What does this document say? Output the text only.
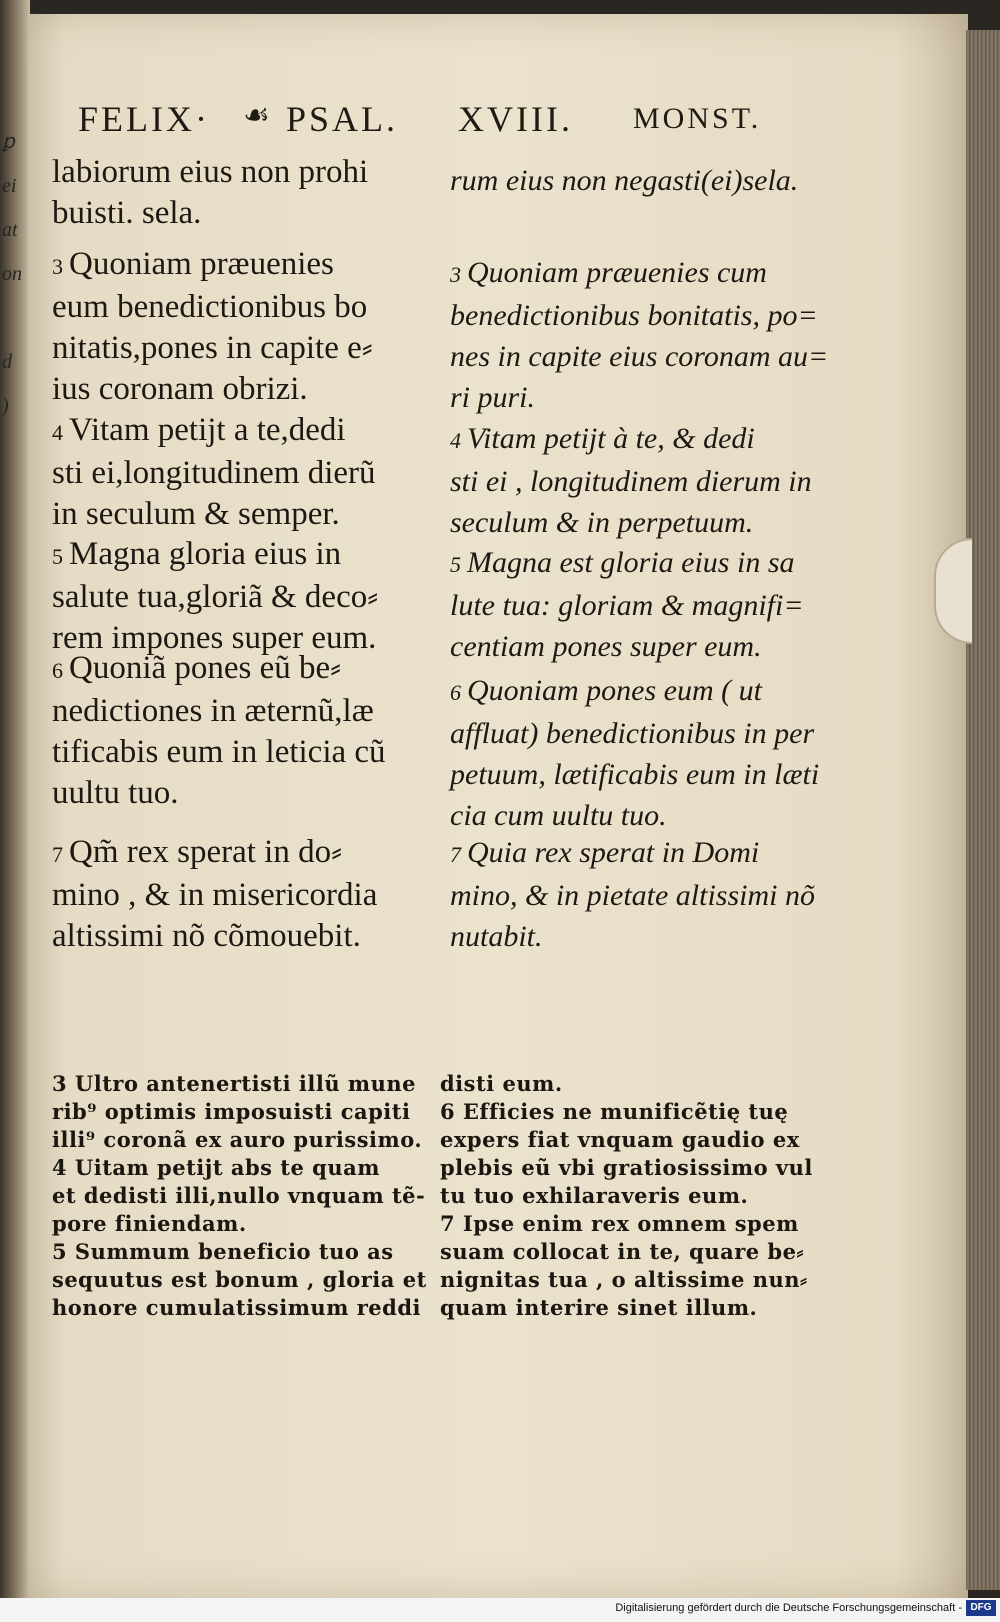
ꝑ
ei
at
on

d
)
FELIX· ☙ PSAL. XVIII. MONST.
labiorum eius non prohi
buisti. sela.
3 Quoniam præuenies
eum benedictionibus bo
nitatis,pones in capite e⸗
ius coronam obrizi.
4 Vitam petijt a te,dedi
sti ei,longitudinem dierũ
in seculum & semper.
5 Magna gloria eius in
salute tua,gloriã & deco⸗
rem impones super eum.
6 Quoniã pones eũ be⸗
nedictiones in æternũ,læ
tificabis eum in leticia cũ
uultu tuo.
7 Qm̃ rex sperat in do⸗
mino , & in misericordia
altissimi nõ cõmouebit.
rum eius non negasti(ei)sela.
3 Quoniam præuenies cum
benedictionibus bonitatis, po=
nes in capite eius coronam au=
ri puri.
4 Vitam petijt à te, & dedi
sti ei , longitudinem dierum in
seculum & in perpetuum.
5 Magna est gloria eius in sa
lute tua: gloriam & magnifi=
centiam pones super eum.
6 Quoniam pones eum ( ut
affluat) benedictionibus in per
petuum, lætificabis eum in læti
cia cum uultu tuo.
7 Quia rex sperat in Domi
mino, & in pietate altissimi nõ
nutabit.
3 Ultro antenertisti illũ mune
rib⁹ optimis imposuisti capiti
illi⁹ coronã ex auro purissimo.
4 Uitam petijt abs te quam
et dedisti illi,nullo vnquam tẽ-
pore finiendam.
5 Summum beneficio tuo as
sequutus est bonum , gloria et
honore cumulatissimum reddi
disti eum.
6 Efficies ne munificẽtię tuę
expers fiat vnquam gaudio ex
plebis eũ vbi gratiosissimo vul
tu tuo exhilaraveris eum.
7 Ipse enim rex omnem spem
suam collocat in te, quare be⸗
nignitas tua , o altissime nun⸗
quam interire sinet illum.
Digitalisierung gefördert durch die Deutsche Forschungsgemeinschaft - DFG
